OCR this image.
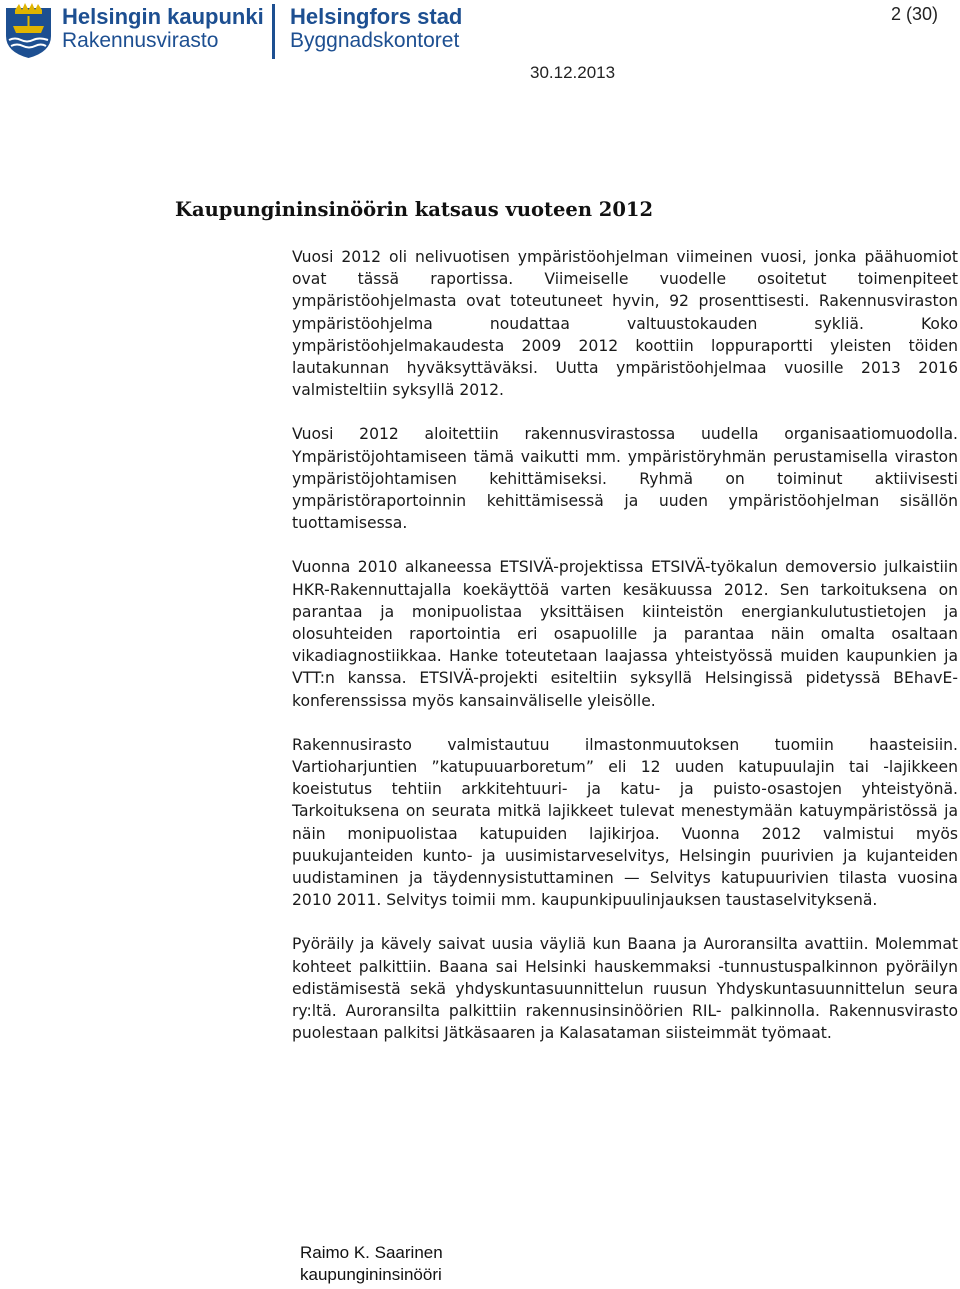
Helsingin kaupunki
Rakennusvirasto
Helsingfors stad
Byggnadskontoret
2 (30)
30.12.2013
Kaupungininsinöörin katsaus vuoteen 2012

Vuosi 2012 oli nelivuotisen ympäristöohjelman viimeinen vuosi, jonka päähuomiot ovat tässä raportissa. Viimeiselle vuodelle osoitetut toimenpiteet ympäristöohjelmasta ovat toteutuneet hyvin, 92 prosenttisesti. Rakennusviraston ympäristöohjelma noudattaa valtuustokauden sykliä. Koko ympäristöohjelmakaudesta 2009 2012 koottiin loppuraportti yleisten töiden lautakunnan hyväksyttäväksi. Uutta ympäristöohjelmaa vuosille 2013 2016 valmisteltiin syksyllä 2012.

Vuosi 2012 aloitettiin rakennusvirastossa uudella organisaatiomuodolla. Ympäristöjohtamiseen tämä vaikutti mm. ympäristöryhmän perustamisella viraston ympäristöjohtamisen kehittämiseksi. Ryhmä on toiminut aktiivisesti ympäristöraportoinnin kehittämisessä ja uuden ympäristöohjelman sisällön tuottamisessa.

Vuonna 2010 alkaneessa ETSIVÄ-projektissa ETSIVÄ-työkalun demoversio julkaistiin HKR-Rakennuttajalla koekäyttöä varten kesäkuussa 2012. Sen tarkoituksena on parantaa ja monipuolistaa yksittäisen kiinteistön energiankulutustietojen ja olosuhteiden raportointia eri osapuolille ja parantaa näin omalta osaltaan vikadiagnostiikkaa. Hanke toteutetaan laajassa yhteistyössä muiden kaupunkien ja VTT:n kanssa. ETSIVÄ-projekti esiteltiin syksyllä Helsingissä pidetyssä BEhavE-konferenssissa myös kansainväliselle yleisölle.

Rakennusirasto valmistautuu ilmastonmuutoksen tuomiin haasteisiin. Vartioharjuntien ”katupuuarboretum” eli 12 uuden katupuulajin tai -lajikkeen koeistutus tehtiin arkkitehtuuri- ja katu- ja puisto-osastojen yhteistyönä. Tarkoituksena on seurata mitkä lajikkeet tulevat menestymään katuympäristössä ja näin monipuolistaa katupuiden lajikirjoa. Vuonna 2012 valmistui myös puukujanteiden kunto- ja uusimistarveselvitys, Helsingin puurivien ja kujanteiden uudistaminen ja täydennysistuttaminen — Selvitys katupuurivien tilasta vuosina 2010 2011. Selvitys toimii mm. kaupunkipuulinjauksen taustaselvityksenä.

Pyöräily ja kävely saivat uusia väyliä kun Baana ja Auroransilta avattiin. Molemmat kohteet palkittiin. Baana sai Helsinki hauskemmaksi -tunnustuspalkinnon pyöräilyn edistämisestä sekä yhdyskuntasuunnittelun ruusun Yhdyskuntasuunnittelun seura ry:ltä. Auroransilta palkittiin rakennusinsinöörien RIL- palkinnolla. Rakennusvirasto puolestaan palkitsi Jätkäsaaren ja Kalasataman siisteimmät työmaat.

Raimo K. Saarinen
kaupungininsinööri
